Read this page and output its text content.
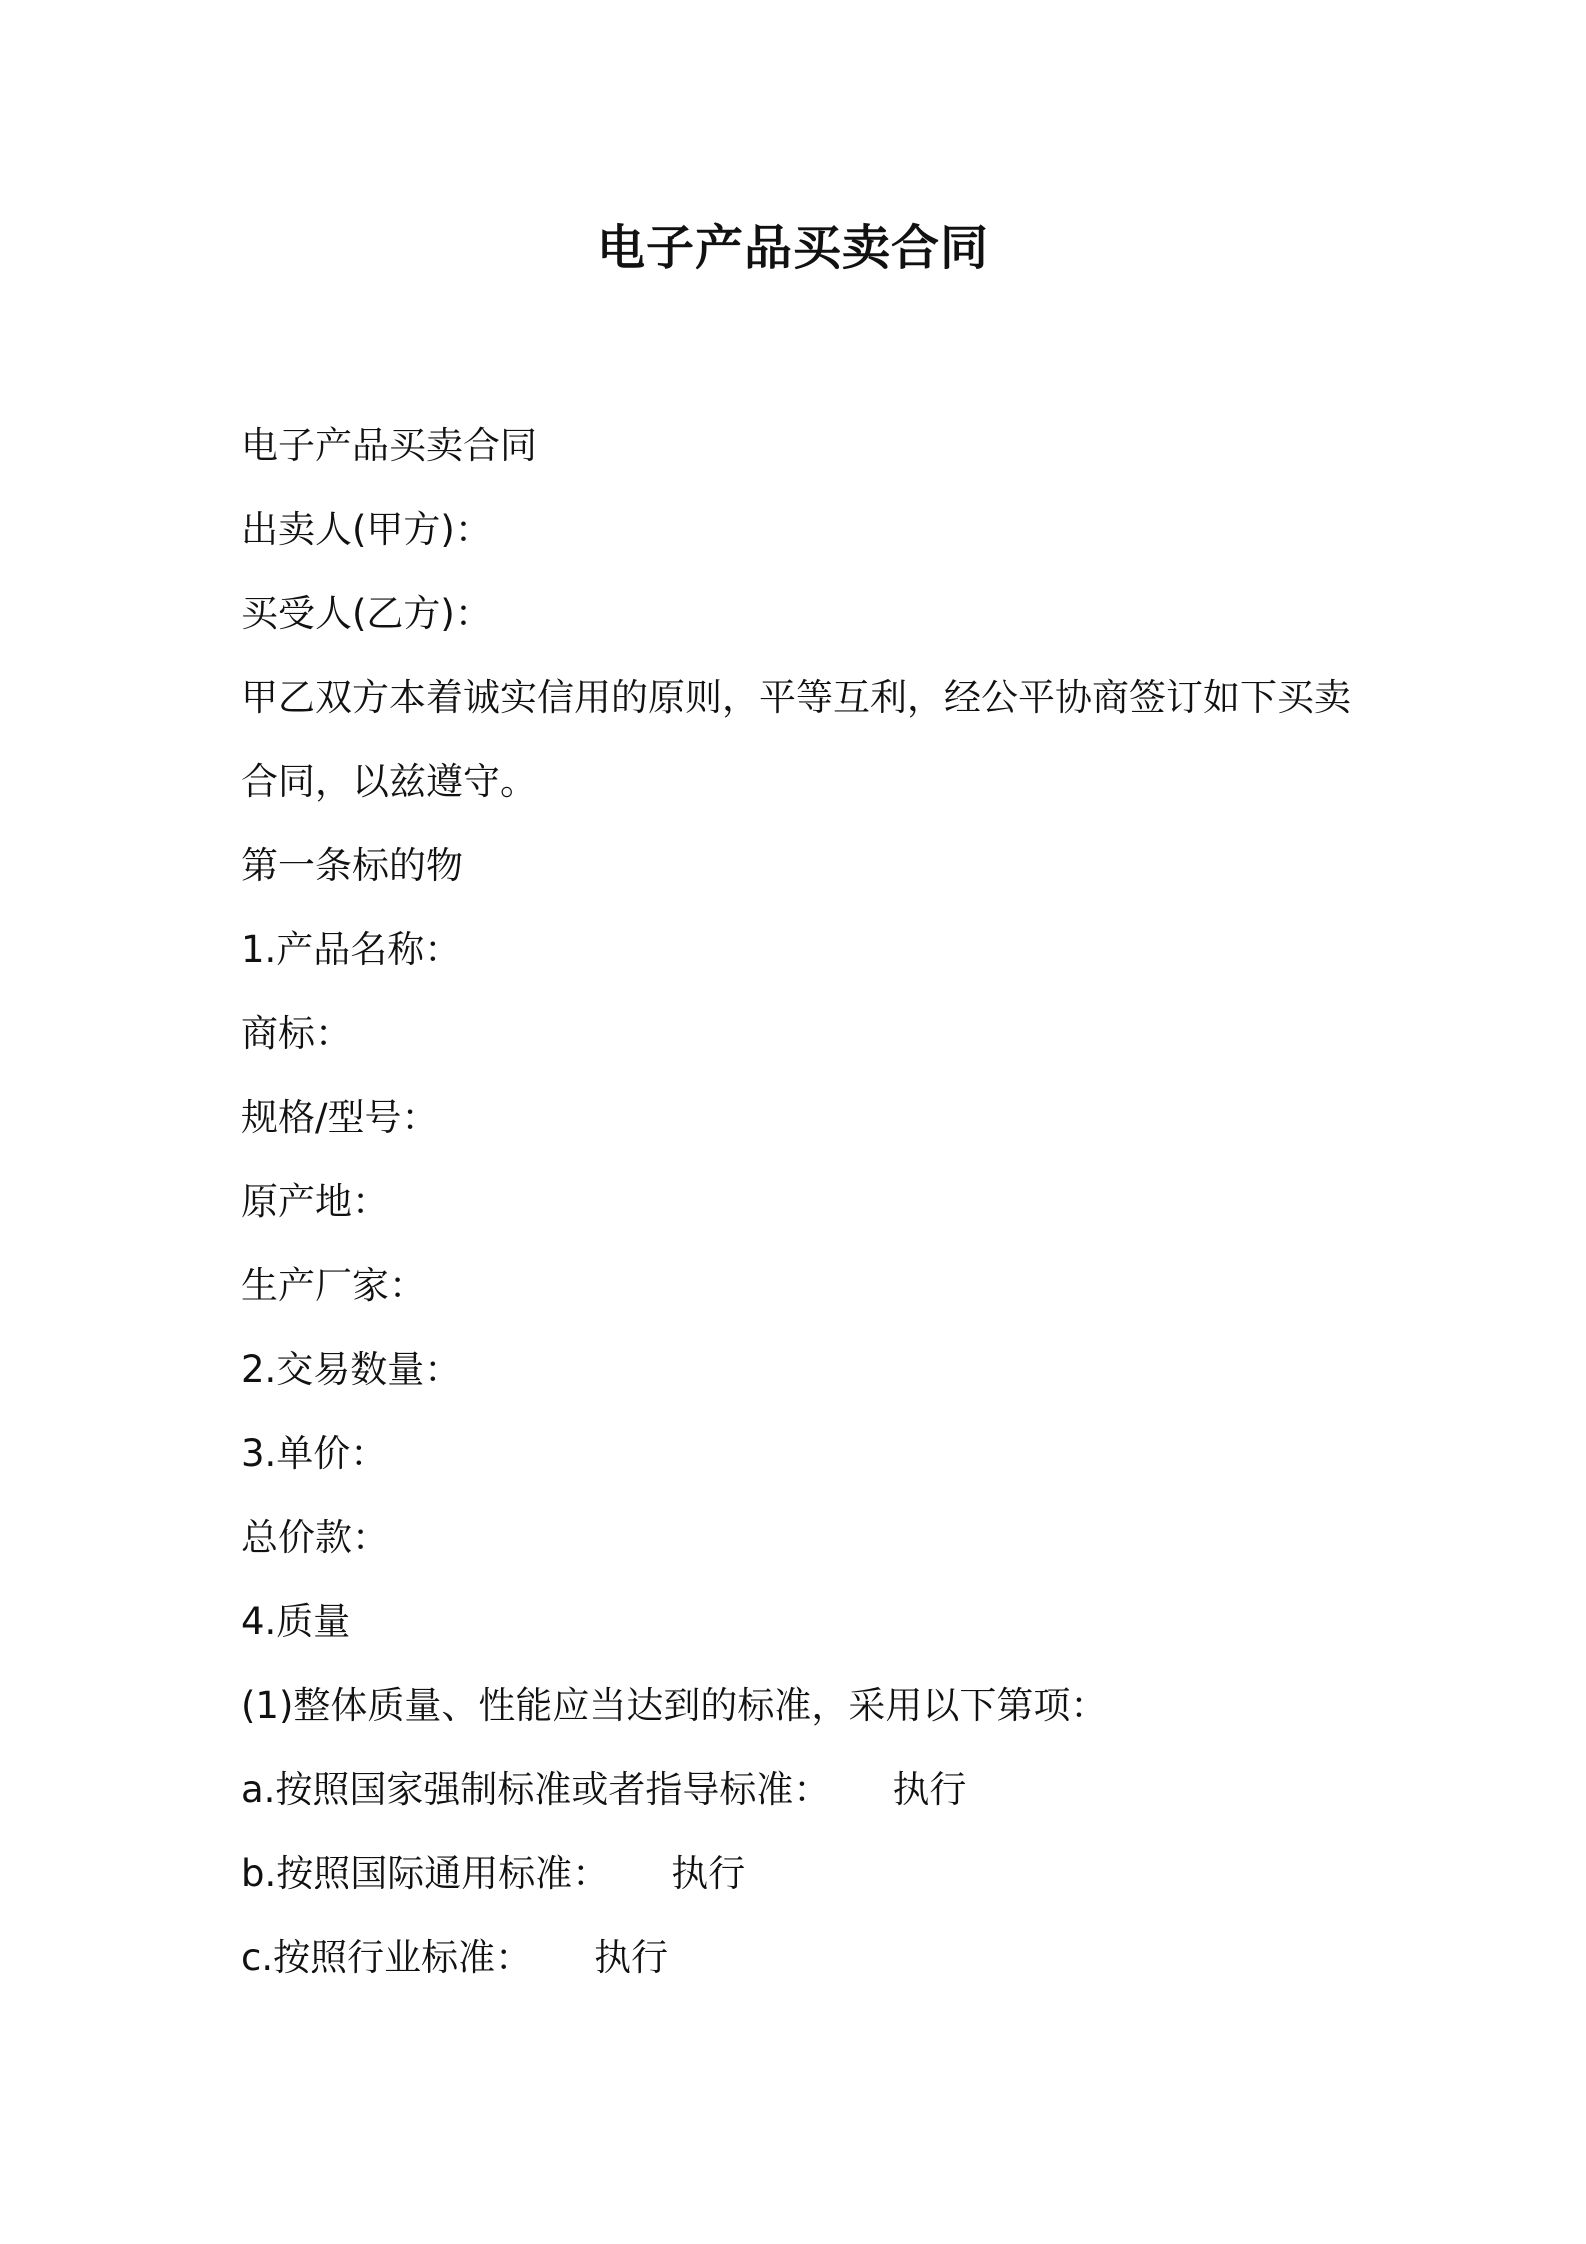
电子产品买卖合同
电子产品买卖合同
出卖人(甲方)：
买受人(乙方)：
甲乙双方本着诚实信用的原则，平等互利，经公平协商签订如下买卖
合同，以兹遵守。
第一条标的物
1.产品名称：
商标：
规格/型号：
原产地：
生产厂家：
2.交易数量：
3.单价：
总价款：
4.质量
(1)整体质量、性能应当达到的标准，采用以下第项：
a.按照国家强制标准或者指导标准： 执行
b.按照国际通用标准： 执行
c.按照行业标准： 执行
